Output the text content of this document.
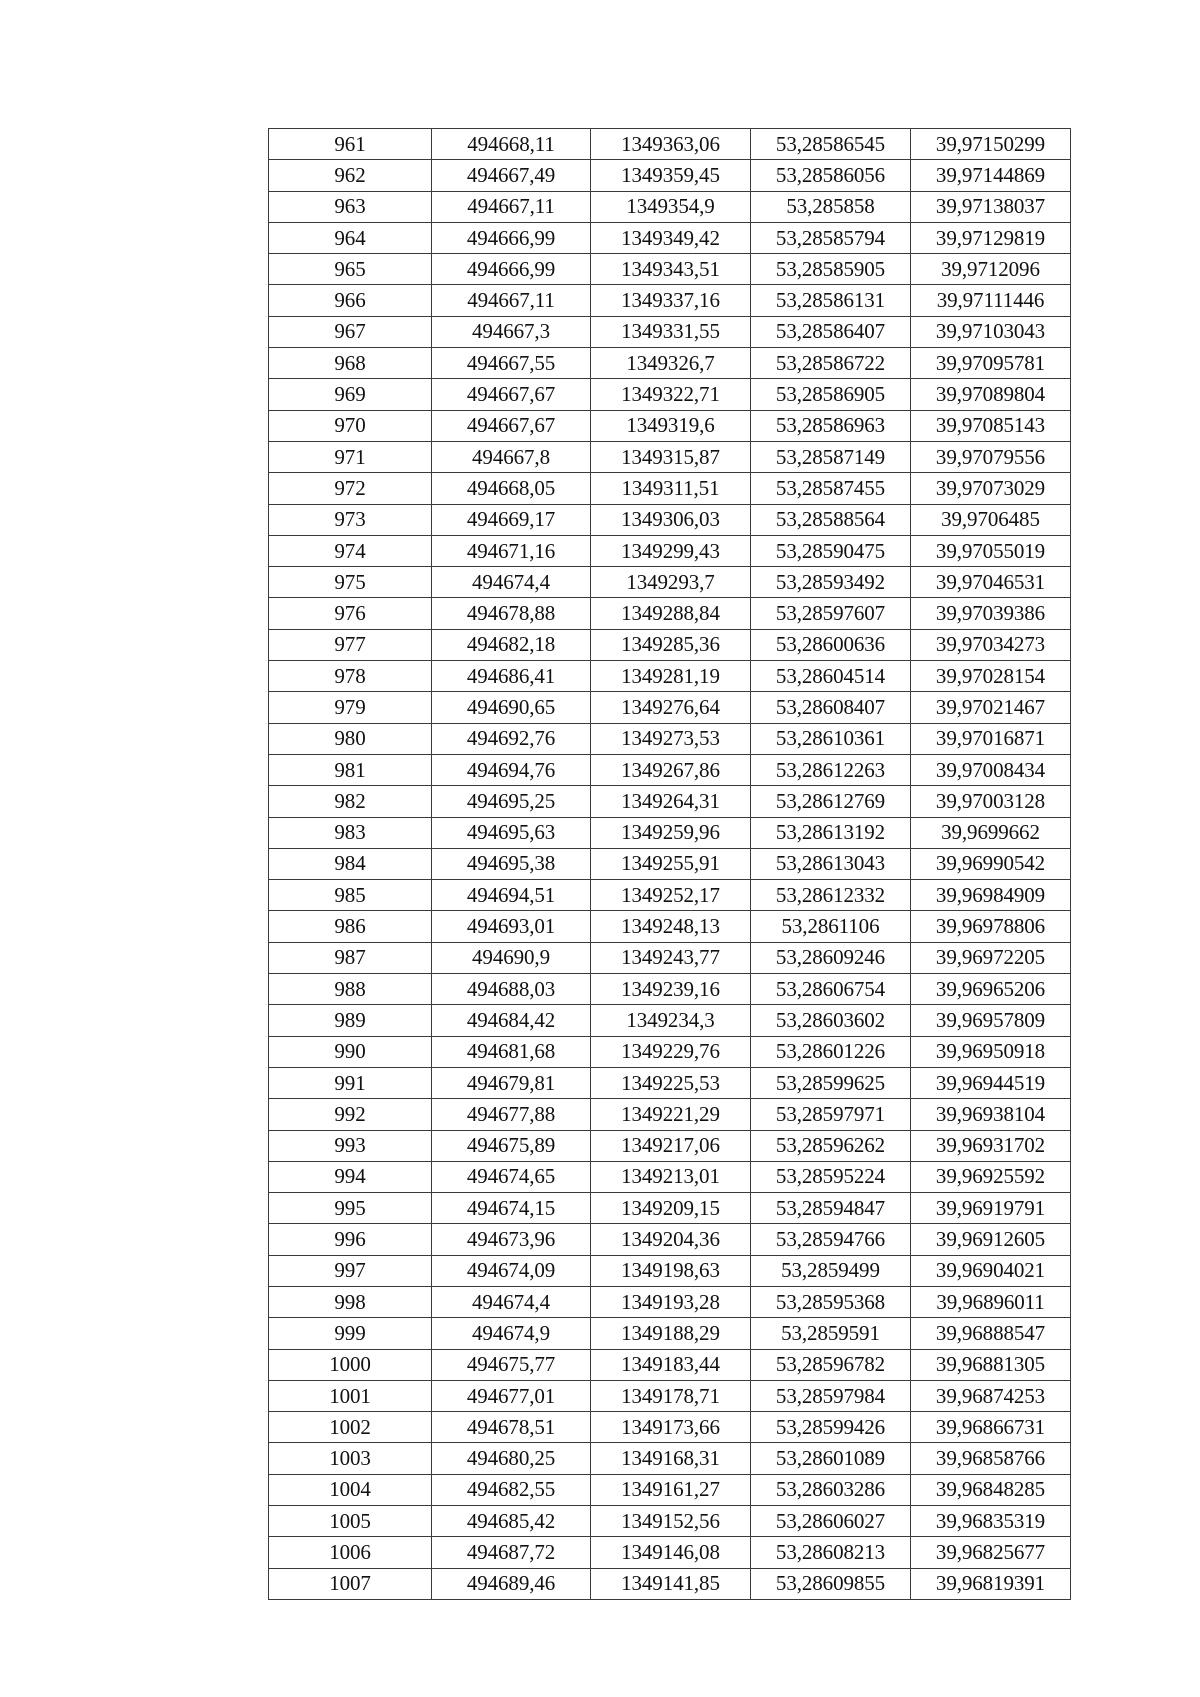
961	494668,11	1349363,06	53,28586545	39,97150299
962	494667,49	1349359,45	53,28586056	39,97144869
963	494667,11	1349354,9	53,285858	39,97138037
964	494666,99	1349349,42	53,28585794	39,97129819
965	494666,99	1349343,51	53,28585905	39,9712096
966	494667,11	1349337,16	53,28586131	39,97111446
967	494667,3	1349331,55	53,28586407	39,97103043
968	494667,55	1349326,7	53,28586722	39,97095781
969	494667,67	1349322,71	53,28586905	39,97089804
970	494667,67	1349319,6	53,28586963	39,97085143
971	494667,8	1349315,87	53,28587149	39,97079556
972	494668,05	1349311,51	53,28587455	39,97073029
973	494669,17	1349306,03	53,28588564	39,9706485
974	494671,16	1349299,43	53,28590475	39,97055019
975	494674,4	1349293,7	53,28593492	39,97046531
976	494678,88	1349288,84	53,28597607	39,97039386
977	494682,18	1349285,36	53,28600636	39,97034273
978	494686,41	1349281,19	53,28604514	39,97028154
979	494690,65	1349276,64	53,28608407	39,97021467
980	494692,76	1349273,53	53,28610361	39,97016871
981	494694,76	1349267,86	53,28612263	39,97008434
982	494695,25	1349264,31	53,28612769	39,97003128
983	494695,63	1349259,96	53,28613192	39,9699662
984	494695,38	1349255,91	53,28613043	39,96990542
985	494694,51	1349252,17	53,28612332	39,96984909
986	494693,01	1349248,13	53,2861106	39,96978806
987	494690,9	1349243,77	53,28609246	39,96972205
988	494688,03	1349239,16	53,28606754	39,96965206
989	494684,42	1349234,3	53,28603602	39,96957809
990	494681,68	1349229,76	53,28601226	39,96950918
991	494679,81	1349225,53	53,28599625	39,96944519
992	494677,88	1349221,29	53,28597971	39,96938104
993	494675,89	1349217,06	53,28596262	39,96931702
994	494674,65	1349213,01	53,28595224	39,96925592
995	494674,15	1349209,15	53,28594847	39,96919791
996	494673,96	1349204,36	53,28594766	39,96912605
997	494674,09	1349198,63	53,2859499	39,96904021
998	494674,4	1349193,28	53,28595368	39,96896011
999	494674,9	1349188,29	53,2859591	39,96888547
1000	494675,77	1349183,44	53,28596782	39,96881305
1001	494677,01	1349178,71	53,28597984	39,96874253
1002	494678,51	1349173,66	53,28599426	39,96866731
1003	494680,25	1349168,31	53,28601089	39,96858766
1004	494682,55	1349161,27	53,28603286	39,96848285
1005	494685,42	1349152,56	53,28606027	39,96835319
1006	494687,72	1349146,08	53,28608213	39,96825677
1007	494689,46	1349141,85	53,28609855	39,96819391
